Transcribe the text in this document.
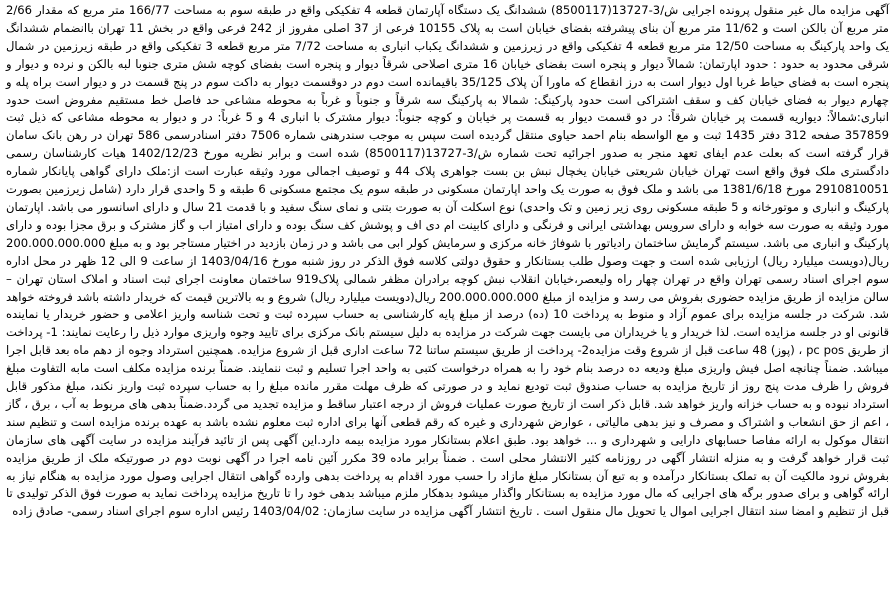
آگهی مزایده مال غیر منقول پرونده اجرایی ش/3-13727(8500117) ششدانگ یک دستگاه آپارتمان قطعه 4 تفکیکی واقع در طبقه سوم به مساحت 166/77 متر مربع که مقدار 2/66 متر مربع آن بالکن است و 11/62 متر مربع آن بنای پیشرفته بفضای خیابان است به پلاک 10155 فرعی از 37 اصلی مفروز از 242 فرعی واقع در بخش 11 تهران باانضمام ششدانگ یک واحد پارکینگ به مساحت 12/50 متر مربع قطعه 4 تفکیکی واقع در زیرزمین و ششدانگ یکباب انباری به مساحت 7/72 متر مربع قطعه 3 تفکیکی واقع در طبقه زیرزمین در شمال شرقی محدود به حدود : حدود اپارتمان: شمالاً دیوار و پنجره است بفضای خیابان 16 متری اصلاحی شرقاً دیوار و پنجره است بفضای کوچه شش متری جنوبا لبه بالکن و نرده و دیوار و پنجره است به فضای حیاط غربا اول دیوار است به درز انقطاع که ماورا آن پلاک 35/125 باقیمانده است دوم در دوقسمت دیوار به داکت سوم در پنج قسمت در و دیوار است براه پله و چهارم دیوار به فضای خیابان کف و سقف اشتراکی است حدود پارکینگ: شمالا به پارکینگ سه شرقاً و جنوباً و غرباً به محوطه مشاعی حد فاصل خط مستقیم مفروض است حدود انباری:شمالاً: دیواریه قسمت پر خیابان شرقاً: در دو قسمت دیوار به قسمت پر خیابان و کوچه جنوباً: دیوار مشترک با انباری 4 و 5 غرباً: در و دیوار به محوطه مشاعی که ذیل ثبت 357859 صفحه 312 دفتر 1435 ثبت و مع الواسطه بنام احمد حیاوی منتقل گردیده است سپس به موجب سندرهنی شماره 7506 دفتر اسنادرسمی 586 تهران در رهن بانک سامان قرار گرفته است که بعلت عدم ایفای تعهد منجر به صدور اجرائیه تحت شماره ش/3-13727(8500117) شده است و برابر نظریه مورخ 1402/12/23 هیات کارشناسان رسمی دادگستری ملک فوق واقع است تهران خیابان شریعتی خیابان یخچال نبش بن بست جواهری پلاک 44 و توصیف اجمالی مورد وثیقه عبارت است از:ملک دارای گواهی پایانکار شماره 2910810051 مورخ 1381/6/18 می باشد و ملک فوق به صورت یک واحد اپارتمان مسکونی در طبقه سوم یک مجتمع مسکونی 6 طبقه و 5 واحدی قرار دارد (شامل زیرزمین بصورت پارکینگ و انباری و موتورخانه و 5 طبقه مسکونی روی زیر زمین و تک واحدی) نوع اسکلت آن به صورت بتنی و نمای سنگ سفید و با قدمت 21 سال و دارای اسانسور می باشد. اپارتمان مورد وثیقه به صورت سه خوابه و دارای سرویس بهداشتی ایرانی و فرنگی و دارای کابینت ام دی اف و پوشش کف سنگ بوده و دارای امتیاز اب و گاز مشترک و برق مجزا بوده و دارای پارکینگ و انباری می باشد. سیستم گرمایش ساختمان رادیاتور با شوفاژ خانه مرکزی و سرمایش کولر ابی می باشد و در زمان بازدید در اختیار مستاجر بود و به مبلغ 200.000.000.000 ریال(دویست میلیارد ریال) ارزیابی شده است و جهت وصول طلب بستانکار و حقوق دولتی کلاسه فوق الذکر در روز شنبه مورخ 1403/04/16 از ساعت 9 الی 12 ظهر در محل اداره سوم اجرای اسناد رسمی تهران واقع در تهران چهار راه ولیعصر،خیابان انقلاب نبش کوچه برادران مظفر شمالی پلاک919 ساختمان معاونت اجرای ثبت اسناد و املاک استان تهران – سالن مزایده از طریق مزایده حضوری بفروش می رسد و مزایده از مبلغ 200.000.000.000 ریال(دویست میلیارد ریال) شروع و به بالاترین قیمت که خریدار داشته باشد فروخته خواهد شد. شرکت در جلسه مزایده برای عموم آزاد و منوط به پرداخت 10 (ده) درصد از مبلغ پایه کارشناسی به حساب سپرده ثبت و تحت شناسه واریز اعلامی و حضور خریدار یا نماینده قانونی او در جلسه مزایده است. لذا خریدار و یا خریداران می بایست جهت شرکت در مزایده به دلیل سیستم بانک مرکزی برای تایید وجوه واریزی موارد ذیل را رعایت نمایند: 1- پرداخت از طریق pc pos ، (پوز) 48 ساعت قبل از شروع وقت مزایده2- پرداخت از طریق سیستم ساتنا 72 ساعت اداری قبل از شروع مزایده. همچنین استرداد وجوه از دهم ماه بعد قابل اجرا میباشد. ضمناً چنانچه اصل فیش واریزی مبلغ ودیعه ده درصد بنام خود را به همراه درخواست کتبی به واحد اجرا تسلیم و ثبت ننمایند. ضمناً برنده مزایده مکلف است مابه التفاوت مبلغ فروش را ظرف مدت پنج روز از تاریخ مزایده به حساب صندوق ثبت تودیع نماید و در صورتی که ظرف مهلت مقرر مانده مبلغ را به حساب سپرده ثبت واریز نکند، مبلغ مذکور قابل استرداد نبوده و به حساب خزانه واریز خواهد شد. قابل ذکر است از تاریخ صورت عملیات فروش از درجه اعتبار ساقط و مزایده تجدید می گردد.ضمناً بدهی های مربوط به آب ، برق ، گاز ، اعم از حق انشعاب و اشتراک و مصرف و نیز بدهی مالیاتی ، عوارض شهرداری و غیره که رقم قطعی آنها برای اداره ثبت معلوم نشده باشد به عهده برنده مزایده است و تنظیم سند انتقال موکول به ارائه مفاصا حسابهای دارایی و شهرداری و ... خواهد بود. طبق اعلام بستانکار مورد مزایده بیمه دارد.این آگهی پس از تائید فرآیند مزایده در سایت آگهی های سازمان ثبت قرار خواهد گرفت و به منزله انتشار آگهی در روزنامه کثیر الانتشار محلی است . ضمناً برابر ماده 39 مکرر آئین نامه اجرا در آگهی نوبت دوم در صورتیکه ملک از طریق مزایده بفروش نرود مالکیت آن به تملک بستانکار درآمده و به تبع آن بستانکار مبلغ مازاد را حسب مورد اقدام به پرداخت بدهی وارده گواهی انتقال اجرایی وصول مورد مزایده به هنگام نیاز به ارائه گواهی و برای صدور برگه های اجرایی که مال مورد مزایده به بستانکار واگذار میشود بدهکار ملزم میباشد بدهی خود را تا تاریخ مزایده پرداخت نماید به صورت فوق الذکر تولیدی تا قبل از تنظیم و امضا سند انتقال اجرایی اموال یا تحویل مال منقول است . تاریخ انتشار آگهی مزایده در سایت سازمان: 1403/04/02 رئیس اداره سوم اجرای اسناد رسمی- صادق زاده
